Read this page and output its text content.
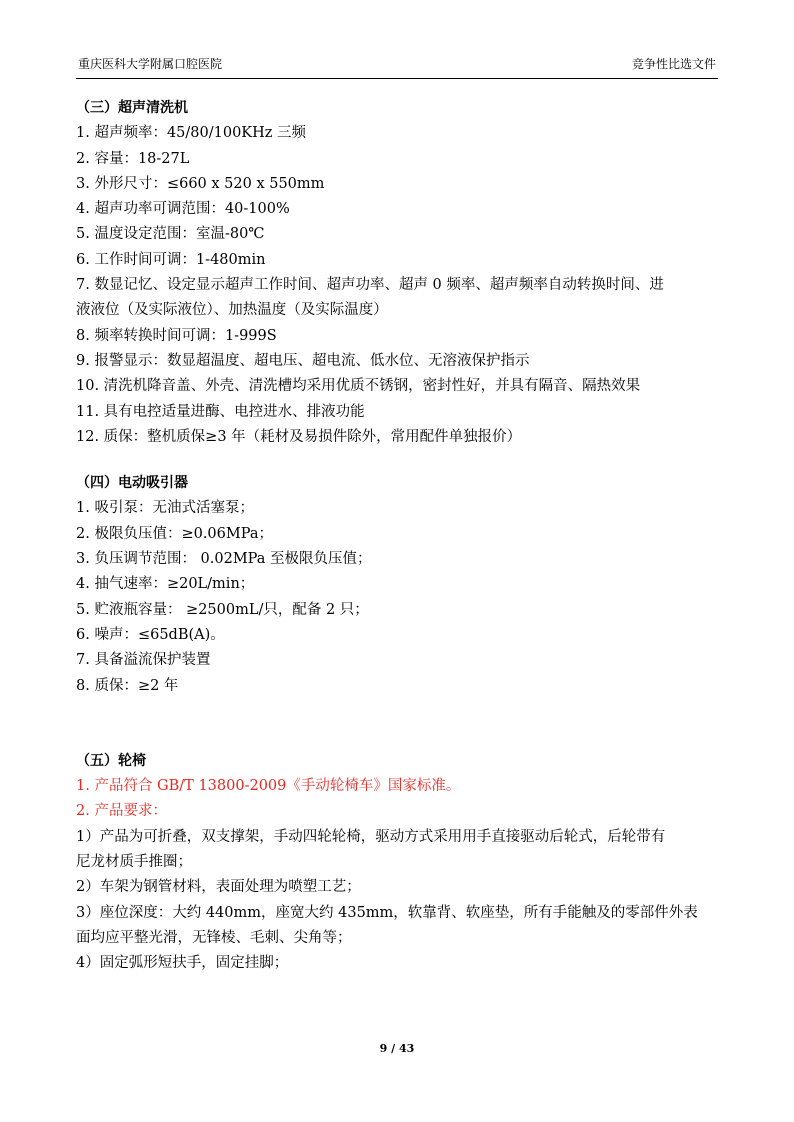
重庆医科大学附属口腔医院	竞争性比选文件
（三）超声清洗机
1. 超声频率：45/80/100KHz 三频
2. 容量：18-27L
3. 外形尺寸：≤660 x 520 x 550mm
4. 超声功率可调范围：40-100%
5. 温度设定范围：室温-80℃
6. 工作时间可调：1-480min
7. 数显记忆、设定显示超声工作时间、超声功率、超声 0 频率、超声频率自动转换时间、进
液液位（及实际液位）、加热温度（及实际温度）
8. 频率转换时间可调：1-999S
9. 报警显示：数显超温度、超电压、超电流、低水位、无溶液保护指示
10. 清洗机降音盖、外壳、清洗槽均采用优质不锈钢，密封性好，并具有隔音、隔热效果
11. 具有电控适量进酶、电控进水、排液功能
12. 质保：整机质保≥3 年（耗材及易损件除外，常用配件单独报价）
（四）电动吸引器
1. 吸引泵：无油式活塞泵；
2. 极限负压值：≥0.06MPa；
3. 负压调节范围： 0.02MPa 至极限负压值；
4. 抽气速率：≥20L/min；
5. 贮液瓶容量： ≥2500mL/只，配备 2 只；
6. 噪声：≤65dB(A)。
7. 具备溢流保护装置
8. 质保：≥2 年
（五）轮椅
1. 产品符合 GB/T 13800-2009《手动轮椅车》国家标准。
2. 产品要求：
1）产品为可折叠，双支撑架，手动四轮轮椅，驱动方式采用用手直接驱动后轮式，后轮带有
尼龙材质手推圈；
2）车架为钢管材料，表面处理为喷塑工艺；
3）座位深度：大约 440mm，座宽大约 435mm，软靠背、软座垫，所有手能触及的零部件外表
面均应平整光滑，无锋棱、毛刺、尖角等；
4）固定弧形短扶手，固定挂脚；
9 / 43
